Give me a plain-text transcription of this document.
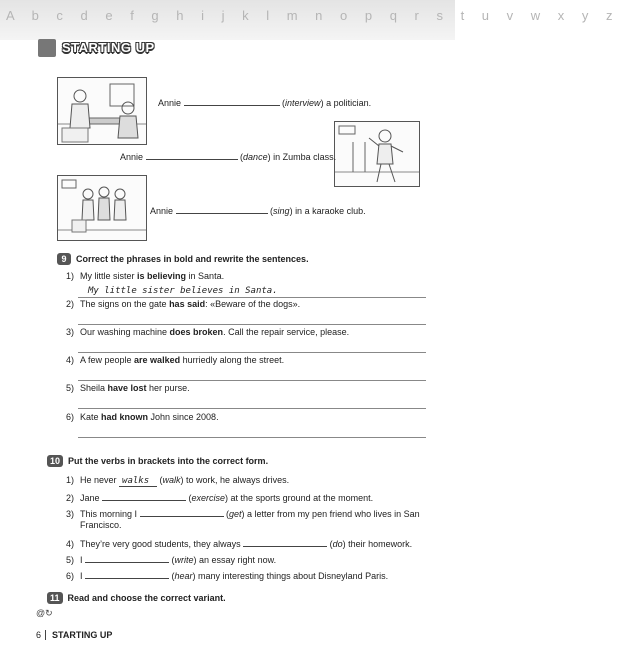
A b c d e f g h i j k l m n o p q r s t u v w x y z
STARTING UP
Annie	(interview) a politician.
Annie	(dance) in Zumba class.
Annie	(sing) in a karaoke club.
9 Correct the phrases in bold and rewrite the sentences.
1) My little sister is believing in Santa.
My little sister believes in Santa.
2) The signs on the gate has said: «Beware of the dogs».
3) Our washing machine does broken. Call the repair service, please.
4) A few people are walked hurriedly along the street.
5) Sheila have lost her purse.
6) Kate had known John since 2008.
10 Put the verbs in brackets into the correct form.
1) He never walks (walk) to work, he always drives.
2) Jane	(exercise) at the sports ground at the moment.
3) This morning I	(get) a letter from my pen friend who lives in San
Francisco.
4) They’re very good students, they always	(do) their homework.
5) I	(write) an essay right now.
6) I	(hear) many interesting things about Disneyland Paris.
11 Read and choose the correct variant.
@↻
6 STARTING UP
